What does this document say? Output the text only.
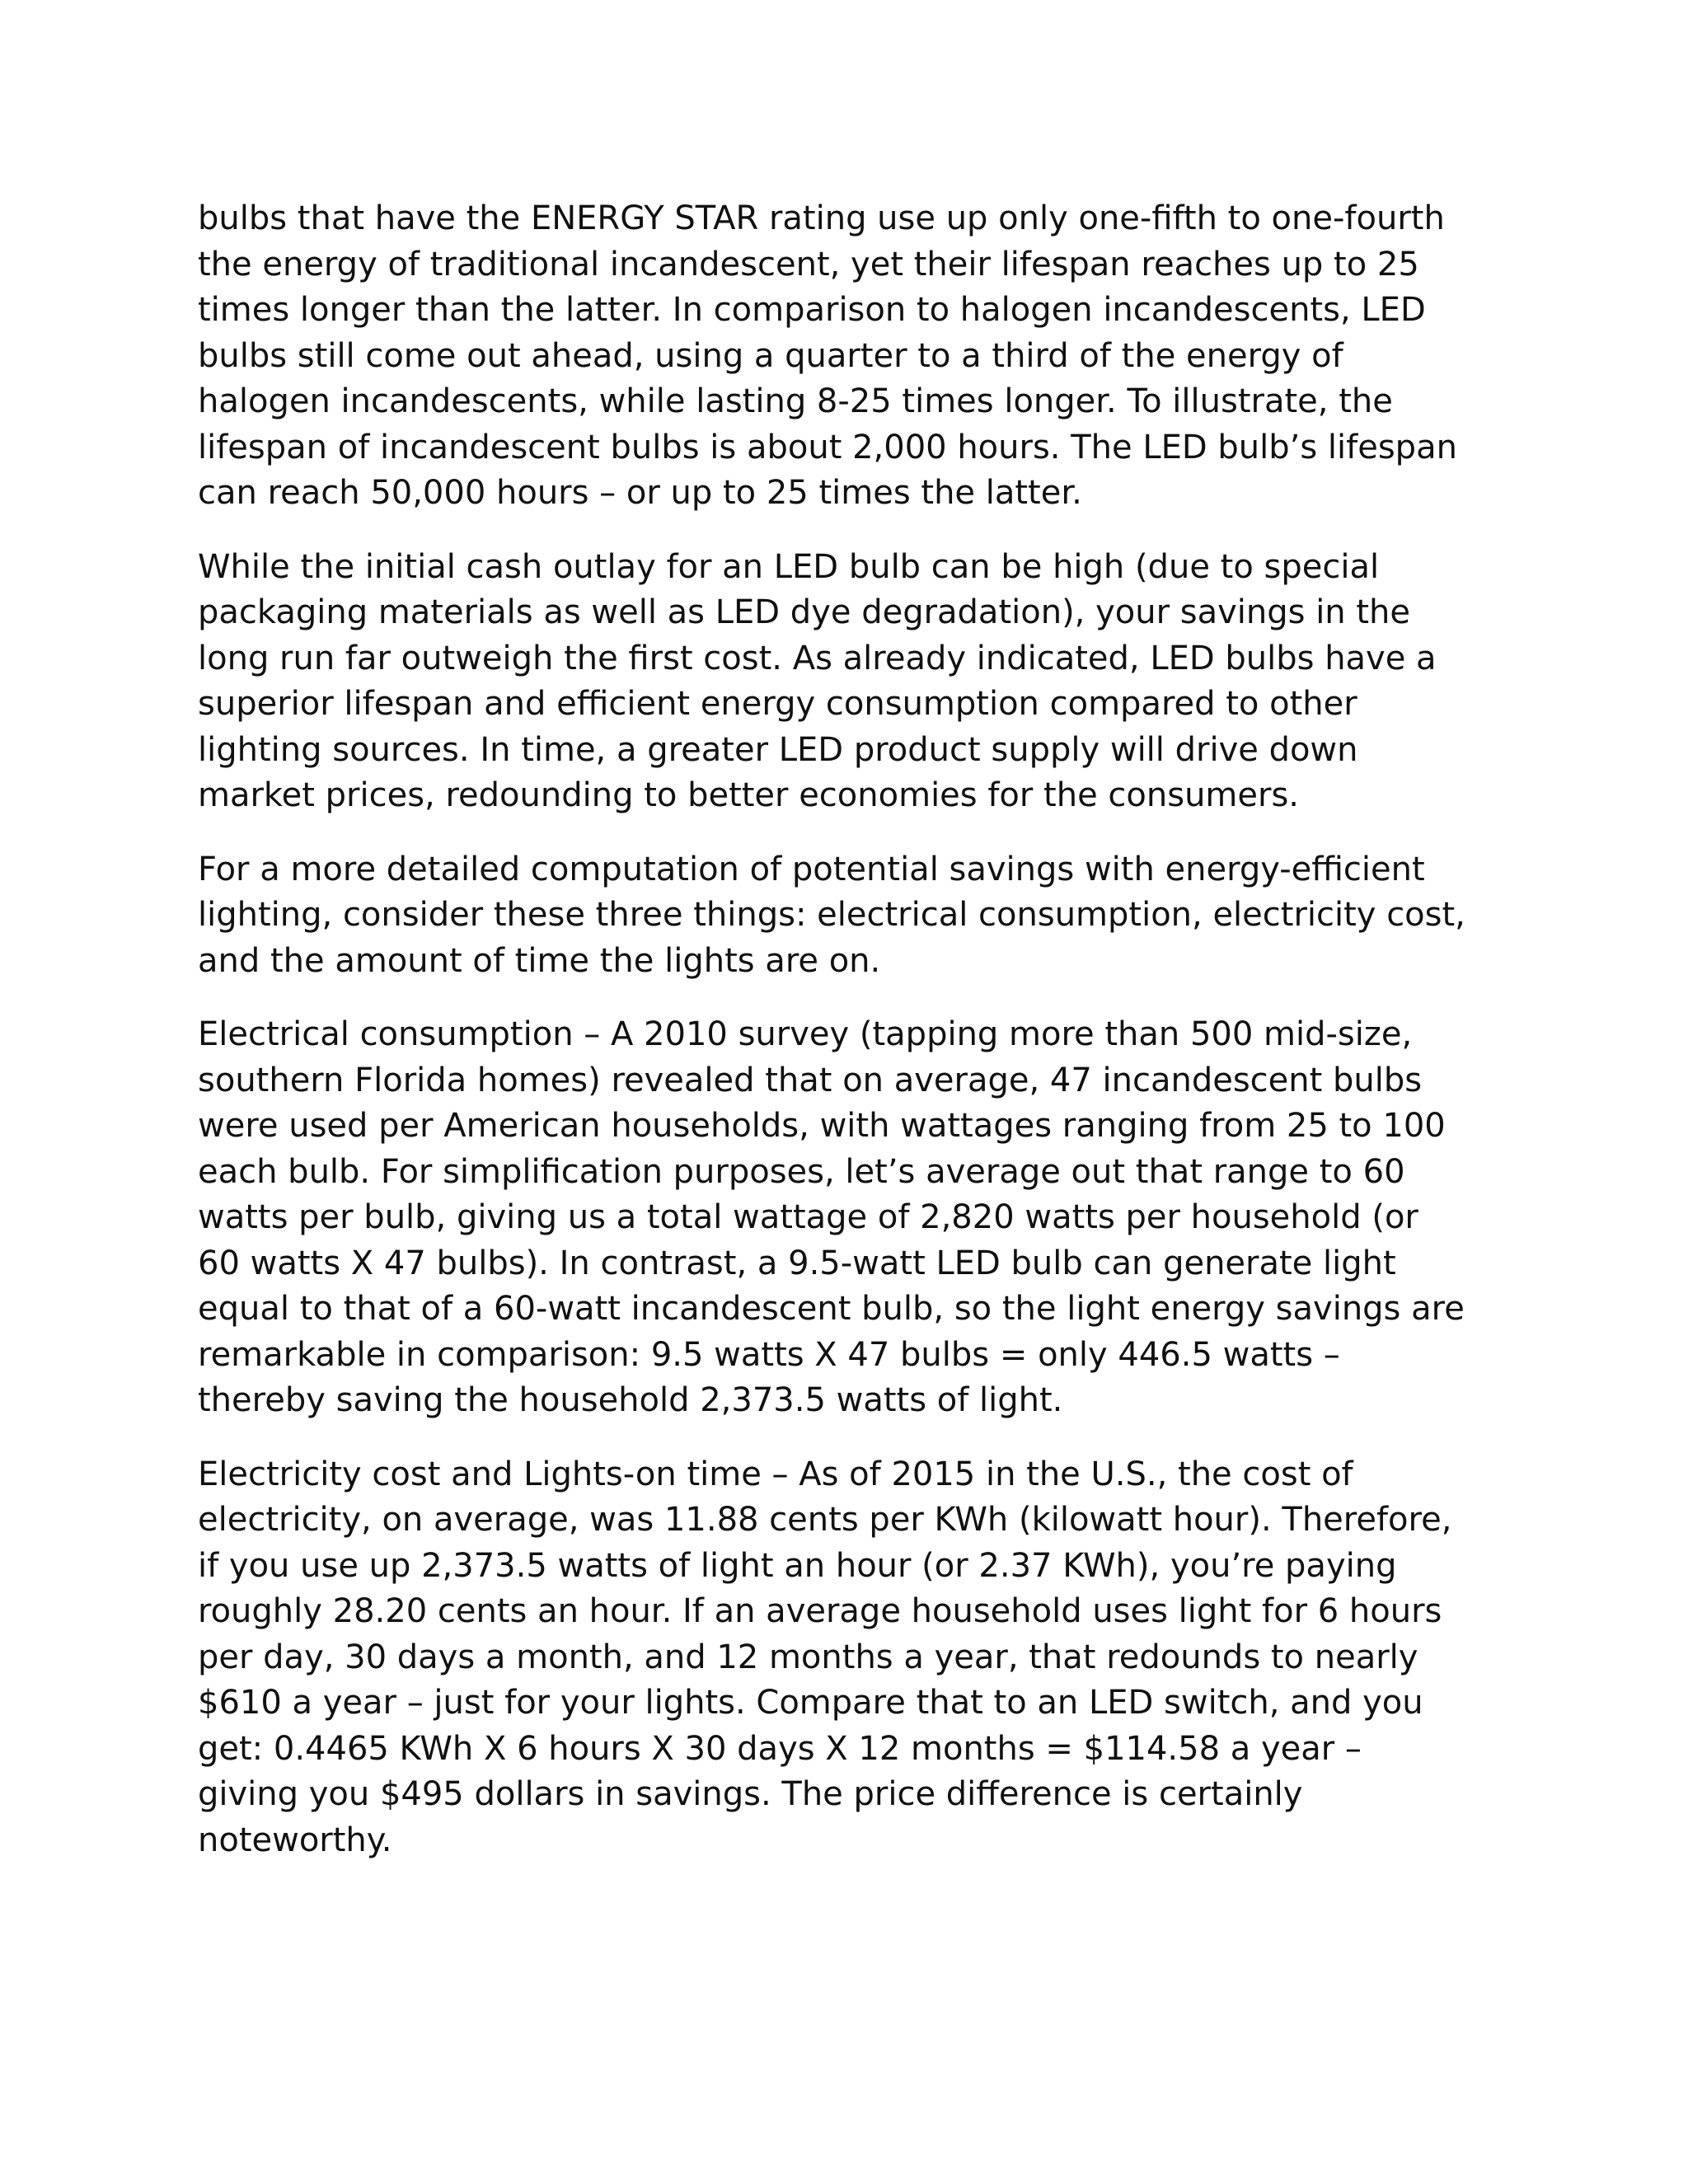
bulbs that have the ENERGY STAR rating use up only one-fifth to one-fourth
the energy of traditional incandescent, yet their lifespan reaches up to 25
times longer than the latter. In comparison to halogen incandescents, LED
bulbs still come out ahead, using a quarter to a third of the energy of
halogen incandescents, while lasting 8-25 times longer. To illustrate, the
lifespan of incandescent bulbs is about 2,000 hours. The LED bulb’s lifespan
can reach 50,000 hours – or up to 25 times the latter.

While the initial cash outlay for an LED bulb can be high (due to special
packaging materials as well as LED dye degradation), your savings in the
long run far outweigh the first cost. As already indicated, LED bulbs have a
superior lifespan and efficient energy consumption compared to other
lighting sources. In time, a greater LED product supply will drive down
market prices, redounding to better economies for the consumers.

For a more detailed computation of potential savings with energy-efficient
lighting, consider these three things: electrical consumption, electricity cost,
and the amount of time the lights are on.

Electrical consumption – A 2010 survey (tapping more than 500 mid-size,
southern Florida homes) revealed that on average, 47 incandescent bulbs
were used per American households, with wattages ranging from 25 to 100
each bulb. For simplification purposes, let’s average out that range to 60
watts per bulb, giving us a total wattage of 2,820 watts per household (or
60 watts X 47 bulbs). In contrast, a 9.5-watt LED bulb can generate light
equal to that of a 60-watt incandescent bulb, so the light energy savings are
remarkable in comparison: 9.5 watts X 47 bulbs = only 446.5 watts –
thereby saving the household 2,373.5 watts of light.

Electricity cost and Lights-on time – As of 2015 in the U.S., the cost of
electricity, on average, was 11.88 cents per KWh (kilowatt hour). Therefore,
if you use up 2,373.5 watts of light an hour (or 2.37 KWh), you’re paying
roughly 28.20 cents an hour. If an average household uses light for 6 hours
per day, 30 days a month, and 12 months a year, that redounds to nearly
$610 a year – just for your lights. Compare that to an LED switch, and you
get: 0.4465 KWh X 6 hours X 30 days X 12 months = $114.58 a year –
giving you $495 dollars in savings. The price difference is certainly
noteworthy.
